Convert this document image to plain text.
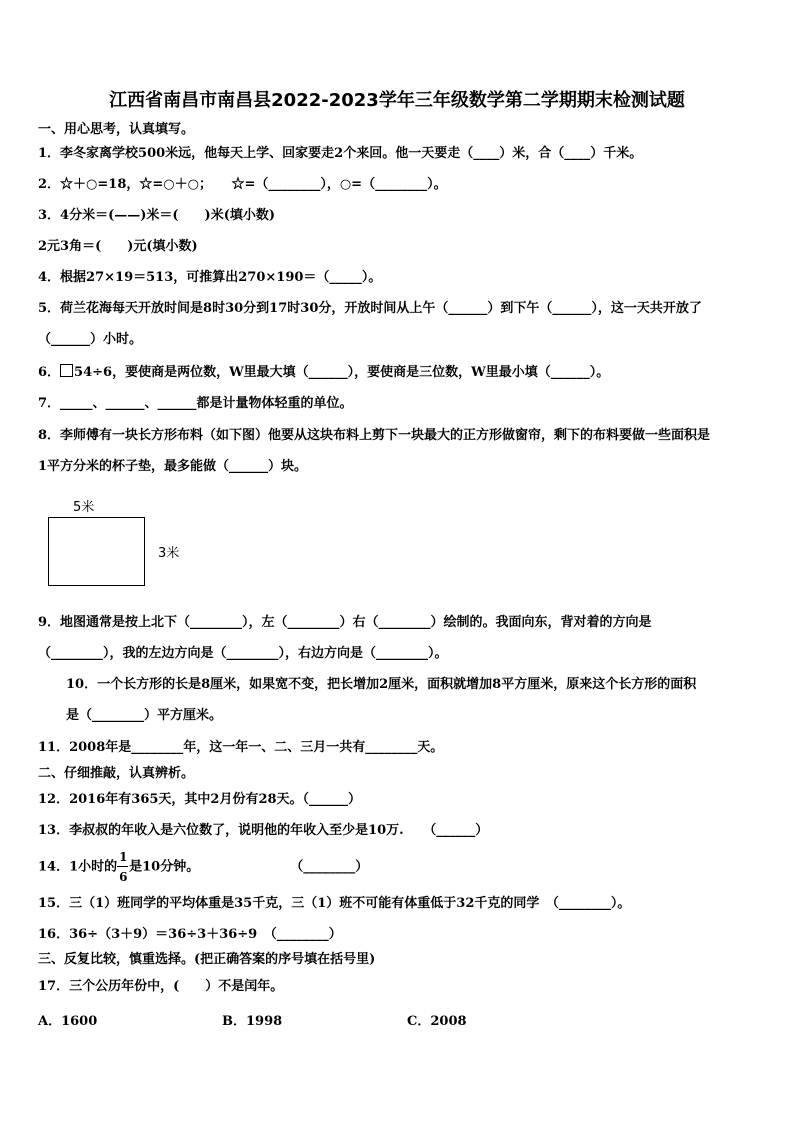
江西省南昌市南昌县2022-2023学年三年级数学第二学期期末检测试题
一、用心思考，认真填写。
1．李冬家离学校500米远，他每天上学、回家要走2个来回。他一天要走（____）米，合（____）千米。
2．☆＋○=18，☆=○＋○；　　☆=（________），○=（________）。
3．4分米＝(——)米＝(　　)米(填小数)
2元3角＝(　　)元(填小数)
4．根据27×19＝513，可推算出270×190＝（_____）。
5．荷兰花海每天开放时间是8时30分到17时30分，开放时间从上午（______）到下午（______），这一天共开放了
（______）小时。
6． 54÷6，要使商是两位数，W里最大填（______），要使商是三位数，W里最小填（______）。
7．_____、______、______都是计量物体轻重的单位。
8．李师傅有一块长方形布料（如下图）他要从这块布料上剪下一块最大的正方形做窗帘，剩下的布料要做一些面积是
1平方分米的杯子垫，最多能做（______）块。
5米
3米
9．地图通常是按上北下（________），左（________）右（________）绘制的。我面向东，背对着的方向是
（________），我的左边方向是（________），右边方向是（________）。
10．一个长方形的长是8厘米，如果宽不变，把长增加2厘米，面积就增加8平方厘米，原来这个长方形的面积
是（________）平方厘米。
11．2008年是________年，这一年一、二、三月一共有________天。
二、仔细推敲，认真辨析。
12．2016年有365天，其中2月份有28天。（______）
13．李叔叔的年收入是六位数了，说明他的年收入至少是10万.　　（______）
14．1小时的 $\frac{1}{6}$ 是10分钟。　　　　　　　　（________）
15．三（1）班同学的平均体重是35千克，三（1）班不可能有体重低于32千克的同学　（________）。
16．36÷（3＋9）＝36÷3＋36÷9　（________）
三、反复比较，慎重选择。(把正确答案的序号填在括号里)
17．三个公历年份中，(　　）不是闰年。
A．1600	B．1998	C．2008
